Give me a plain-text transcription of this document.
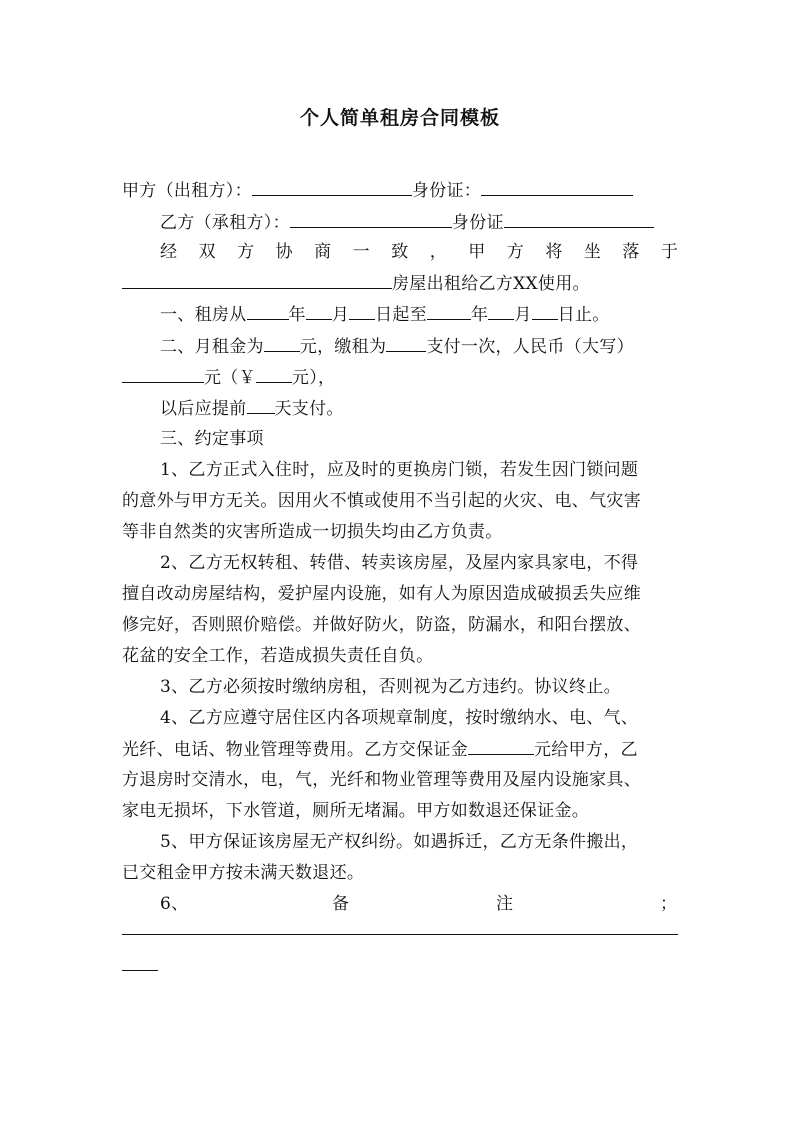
个人简单租房合同模板
甲方（出租方）：	身份证：
乙方（承租方）：	身份证
经 双 方 协 商 一 致 ， 甲 方 将 坐 落 于
房屋出租给乙方XX使用。
一、租房从 年 月 日起至	年 月 日止。
二、月租金为 元，缴租为 支付一次，人民币（大写）
元（￥ 元），
以后应提前 天支付。
三、约定事项
1、乙方正式入住时，应及时的更换房门锁，若发生因门锁问题
的意外与甲方无关。因用火不慎或使用不当引起的火灾、电、气灾害
等非自然类的灾害所造成一切损失均由乙方负责。
2、乙方无权转租、转借、转卖该房屋，及屋内家具家电，不得
擅自改动房屋结构，爱护屋内设施，如有人为原因造成破损丢失应维
修完好，否则照价赔偿。并做好防火，防盗，防漏水，和阳台摆放、
花盆的安全工作，若造成损失责任自负。
3、乙方必须按时缴纳房租，否则视为乙方违约。协议终止。
4、乙方应遵守居住区内各项规章制度，按时缴纳水、电、气、
光纤、电话、物业管理等费用。乙方交保证金	元给甲方，乙
方退房时交清水，电，气，光纤和物业管理等费用及屋内设施家具、
家电无损坏，下水管道，厕所无堵漏。甲方如数退还保证金。
5、甲方保证该房屋无产权纠纷。如遇拆迁，乙方无条件搬出，
已交租金甲方按未满天数退还。
6、	备	注	；
